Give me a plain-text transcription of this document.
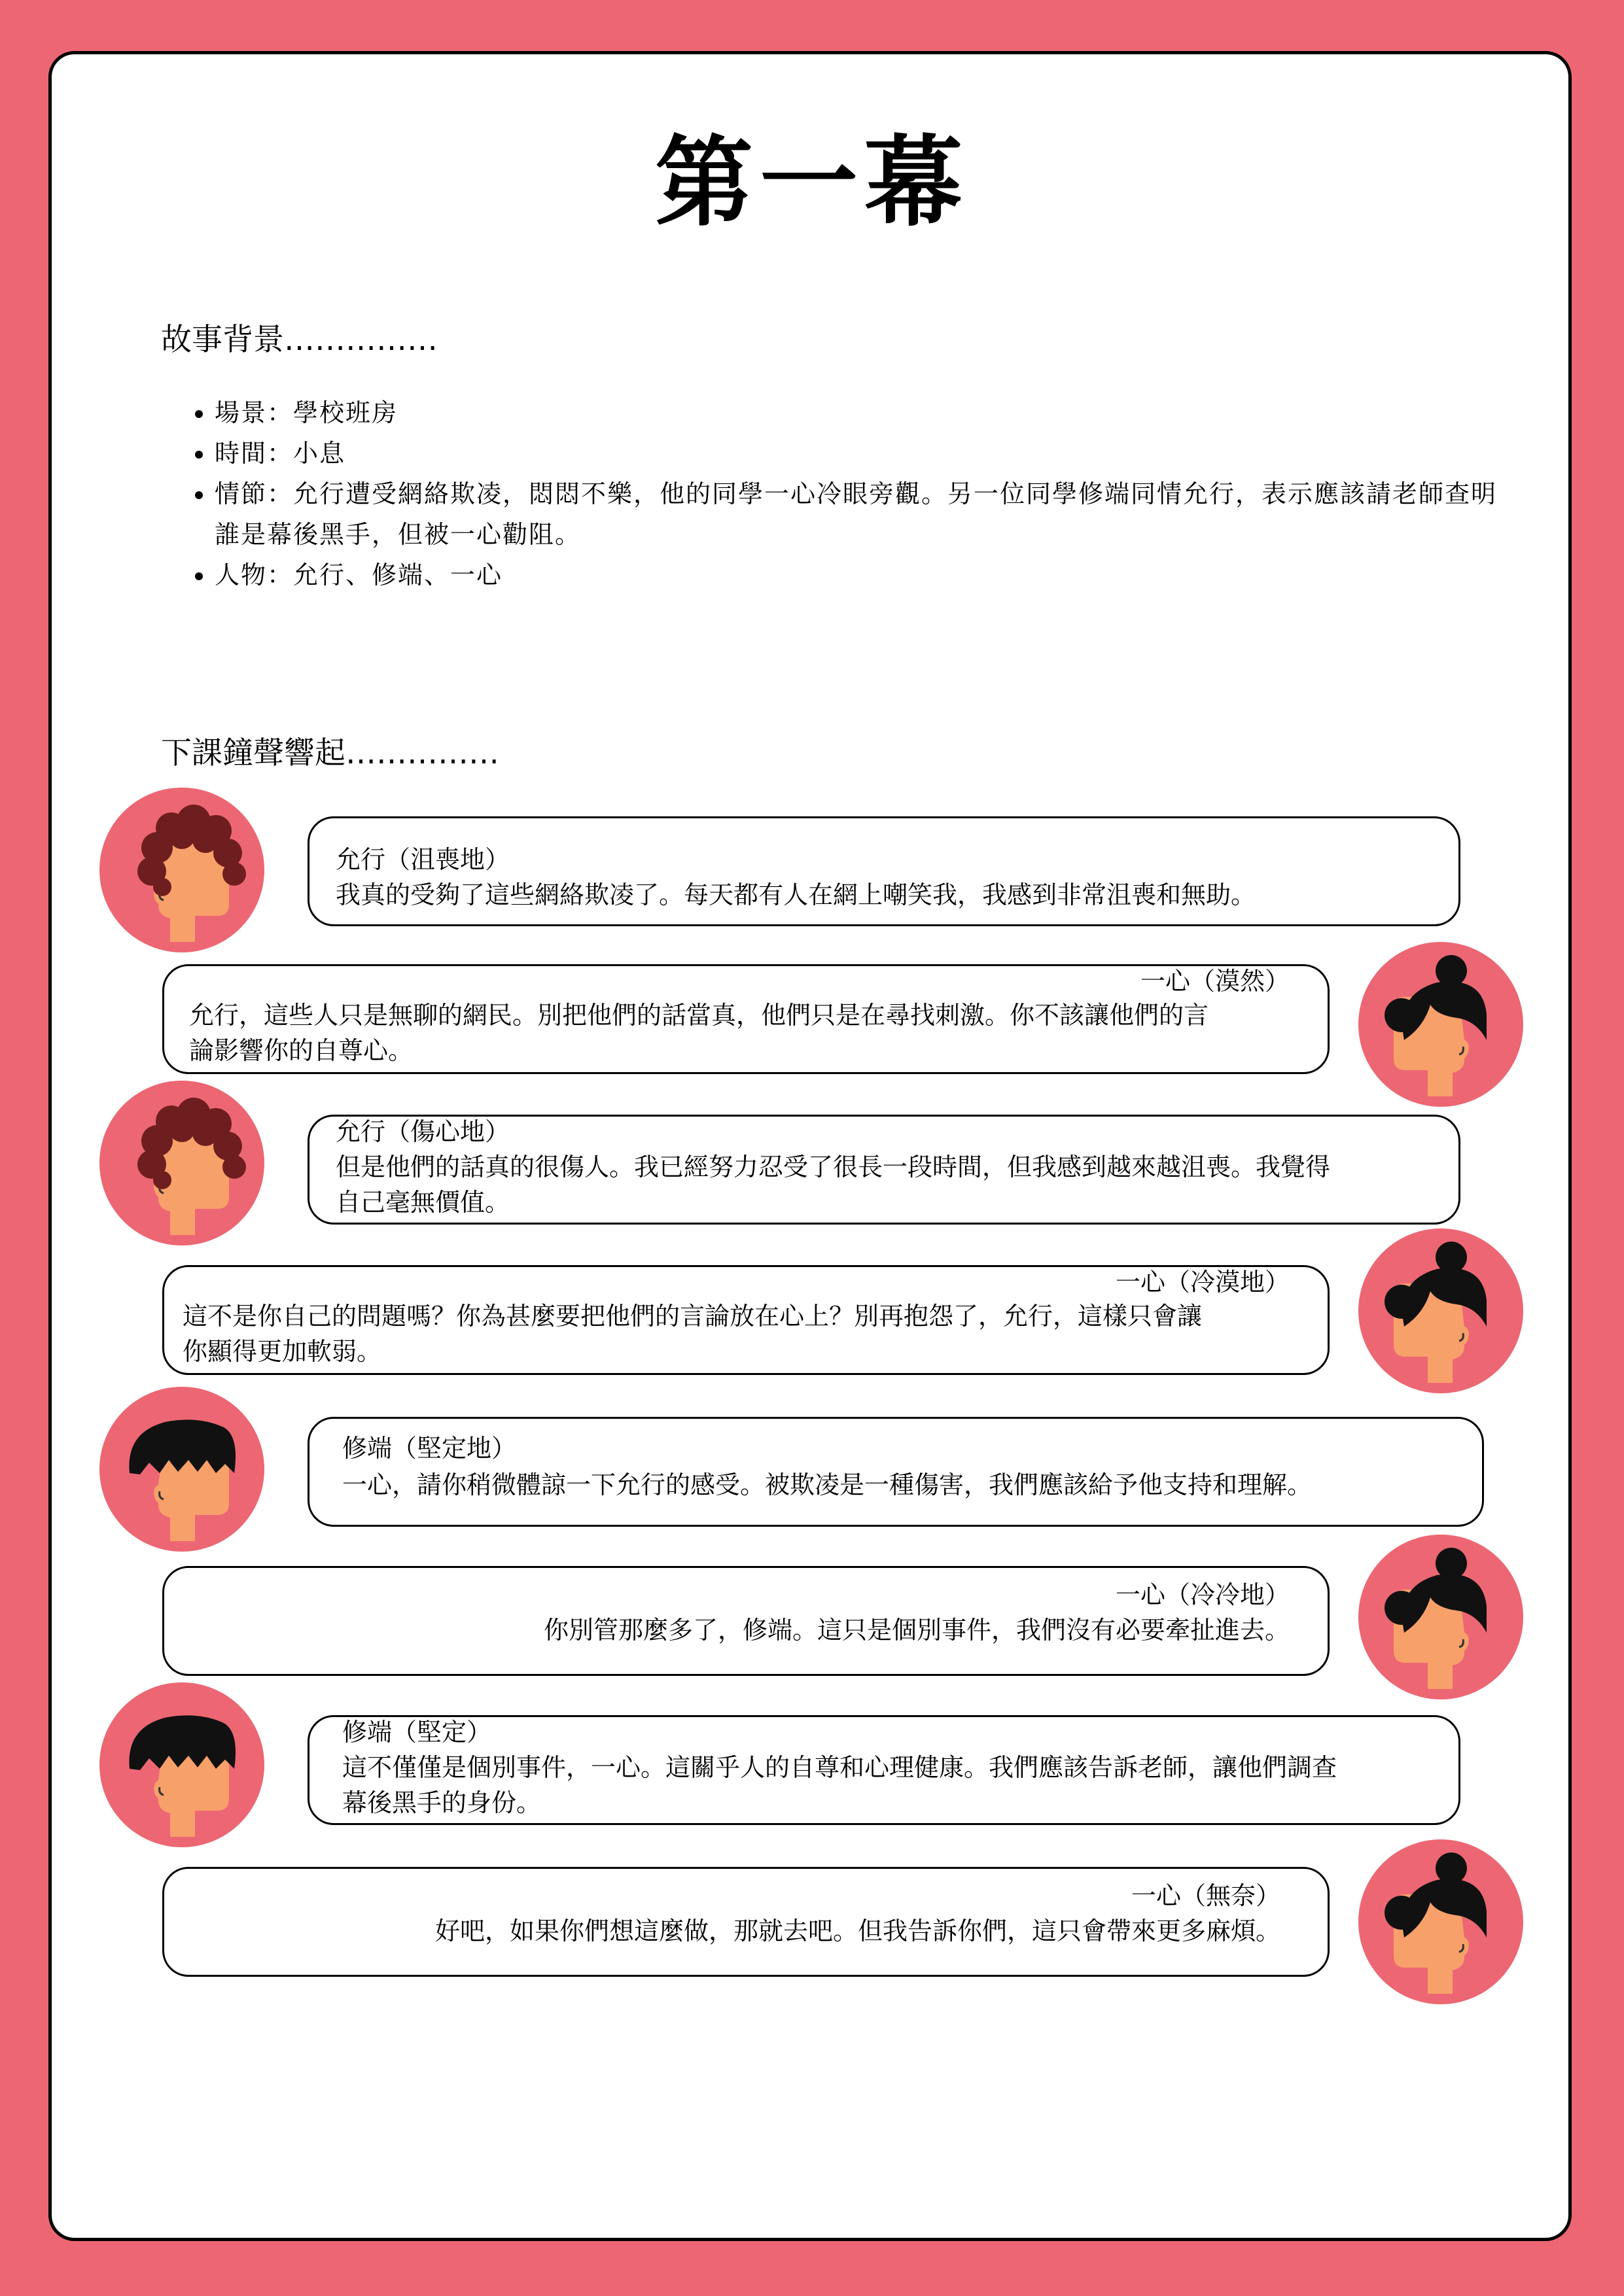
第一幕
故事背景……………
• 場景：學校班房
• 時間：小息
• 情節：允行遭受網絡欺凌，悶悶不樂，他的同學一心冷眼旁觀。另一位同學修端同情允行，表示應該請老師查明誰是幕後黑手，但被一心勸阻。
• 人物：允行、修端、一心
下課鐘聲響起……………
允行（沮喪地）
我真的受夠了這些網絡欺凌了。每天都有人在網上嘲笑我，我感到非常沮喪和無助。
一心（漠然）
允行，這些人只是無聊的網民。別把他們的話當真，他們只是在尋找刺激。你不該讓他們的言
論影響你的自尊心。
允行（傷心地）
但是他們的話真的很傷人。我已經努力忍受了很長一段時間，但我感到越來越沮喪。我覺得
自己毫無價值。
一心（冷漠地）
這不是你自己的問題嗎？你為甚麼要把他們的言論放在心上？別再抱怨了，允行，這樣只會讓
你顯得更加軟弱。
修端（堅定地）
一心，請你稍微體諒一下允行的感受。被欺凌是一種傷害，我們應該給予他支持和理解。
一心（冷冷地）
你別管那麼多了，修端。這只是個別事件，我們沒有必要牽扯進去。
修端（堅定）
這不僅僅是個別事件，一心。這關乎人的自尊和心理健康。我們應該告訴老師，讓他們調查
幕後黑手的身份。
一心（無奈）
好吧，如果你們想這麼做，那就去吧。但我告訴你們，這只會帶來更多麻煩。
